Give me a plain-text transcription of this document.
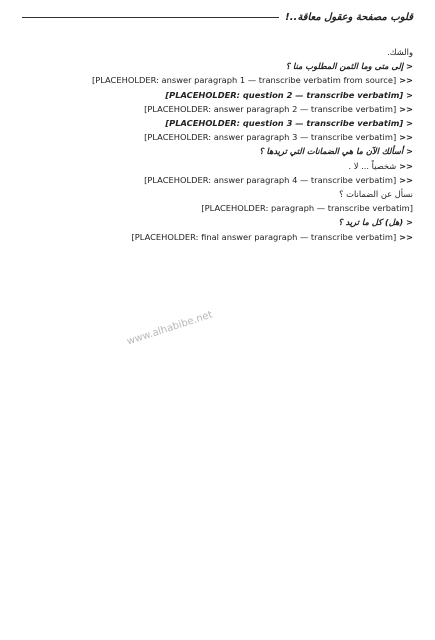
قلوب مصفحة وعقول معاقة..!

والشك.

< إلى متى وما الثمن المطلوب منا ؟

<< [PLACEHOLDER: answer paragraph 1 — transcribe verbatim from source]

< [PLACEHOLDER: question 2 — transcribe verbatim]

<< [PLACEHOLDER: answer paragraph 2 — transcribe verbatim]

< [PLACEHOLDER: question 3 — transcribe verbatim]

<< [PLACEHOLDER: answer paragraph 3 — transcribe verbatim]

< أسألك الآن ما هي الضمانات التي تريدها ؟

<< شخصياً ... لا .

<< [PLACEHOLDER: answer paragraph 4 — transcribe verbatim]

نسأل عن الضمانات ؟

[PLACEHOLDER: paragraph — transcribe verbatim]

< (هل) كل ما تريد ؟

<< [PLACEHOLDER: final answer paragraph — transcribe verbatim]

www.alhabibe.net
